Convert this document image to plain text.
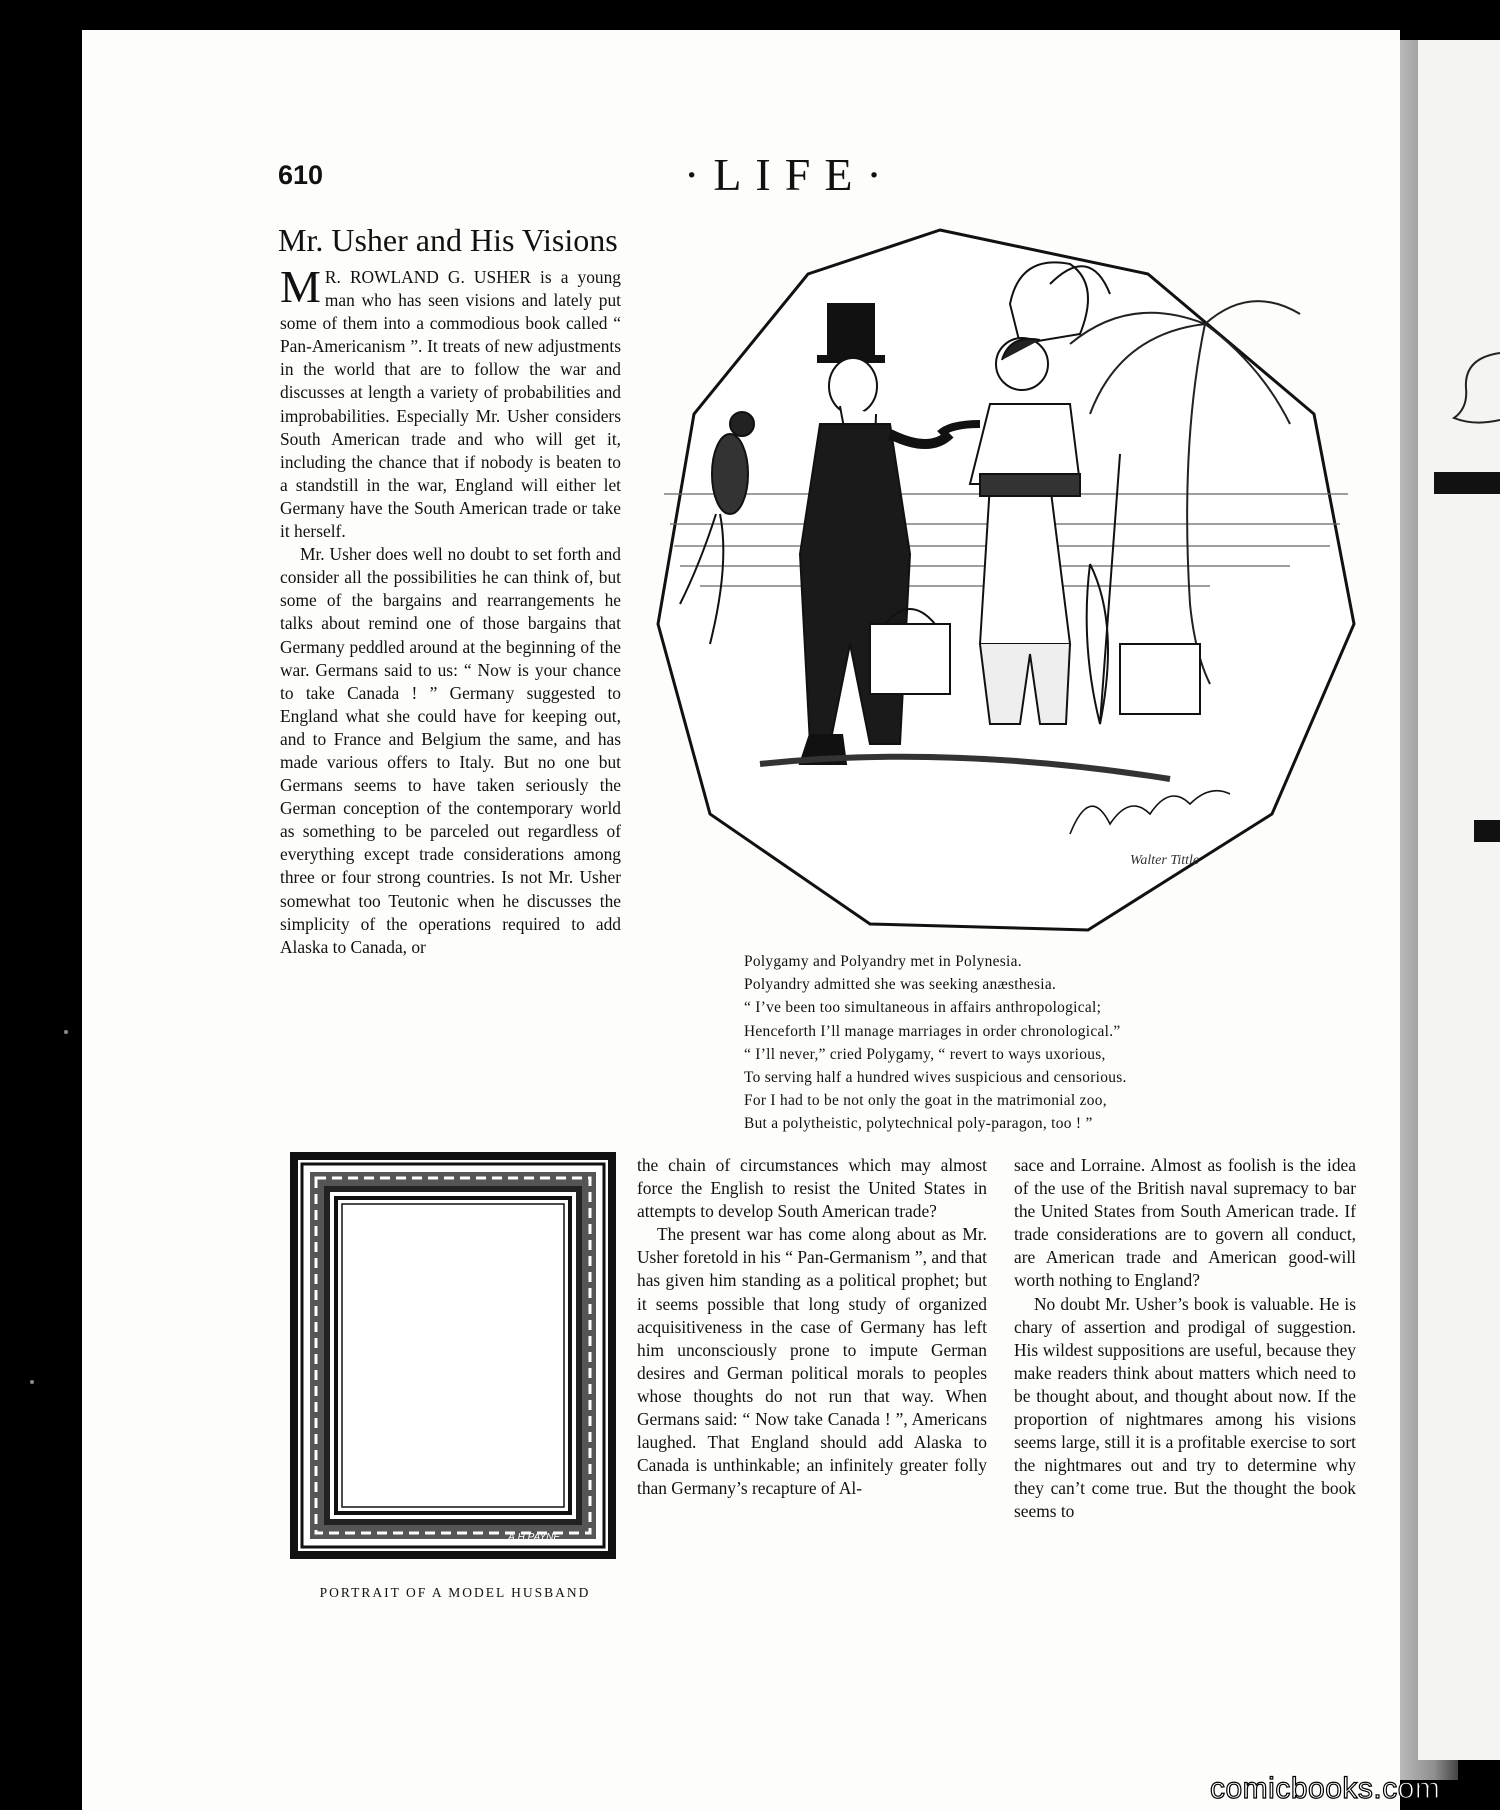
610	·LIFE·
Mr. Usher and His Visions

MR. ROWLAND G. USHER is a young man who has seen visions and lately put some of them into a commodious book called “ Pan-Americanism ”. It treats of new adjustments in the world that are to follow the war and discusses at length a variety of probabilities and improbabilities. Especially Mr. Usher considers South American trade and who will get it, including the chance that if nobody is beaten to a standstill in the war, England will either let Germany have the South American trade or take it herself.

Mr. Usher does well no doubt to set forth and consider all the possibilities he can think of, but some of the bargains and rearrangements he talks about remind one of those bargains that Germany peddled around at the beginning of the war. Germans said to us: “ Now is your chance to take Canada ! ” Germany suggested to England what she could have for keeping out, and to France and Belgium the same, and has made various offers to Italy. But no one but Germans seems to have taken seriously the German conception of the contemporary world as something to be parceled out regardless of everything except trade considerations among three or four strong countries. Is not Mr. Usher somewhat too Teutonic when he discusses the simplicity of the operations required to add Alaska to Canada, or

Walter Tittle
Polygamy and Polyandry met in Polynesia.
Polyandry admitted she was seeking anæsthesia.
“ I’ve been too simultaneous in affairs anthropological;
Henceforth I’ll manage marriages in order chronological.”
“ I’ll never,” cried Polygamy, “ revert to ways uxorious,
To serving half a hundred wives suspicious and censorious.
For I had to be not only the goat in the matrimonial zoo,
But a polytheistic, polytechnical poly-paragon, too ! ”
A.H.PAYNE
PORTRAIT OF A MODEL HUSBAND

the chain of circumstances which may almost force the English to resist the United States in attempts to develop South American trade?

The present war has come along about as Mr. Usher foretold in his “ Pan-Germanism ”, and that has given him standing as a political prophet; but it seems possible that long study of organized acquisitiveness in the case of Germany has left him unconsciously prone to impute German desires and German political morals to peoples whose thoughts do not run that way. When Germans said: “ Now take Canada ! ”, Americans laughed. That England should add Alaska to Canada is unthinkable; an infinitely greater folly than Germany’s recapture of Al-

sace and Lorraine. Almost as foolish is the idea of the use of the British naval supremacy to bar the United States from South American trade. If trade considerations are to govern all conduct, are American trade and American good-will worth nothing to England?

No doubt Mr. Usher’s book is valuable. He is chary of assertion and prodigal of suggestion. His wildest suppositions are useful, because they make readers think about matters which need to be thought about, and thought about now. If the proportion of nightmares among his visions seems large, still it is a profitable exercise to sort the nightmares out and try to determine why they can’t come true. But the thought the book seems to

comicbooks.com
